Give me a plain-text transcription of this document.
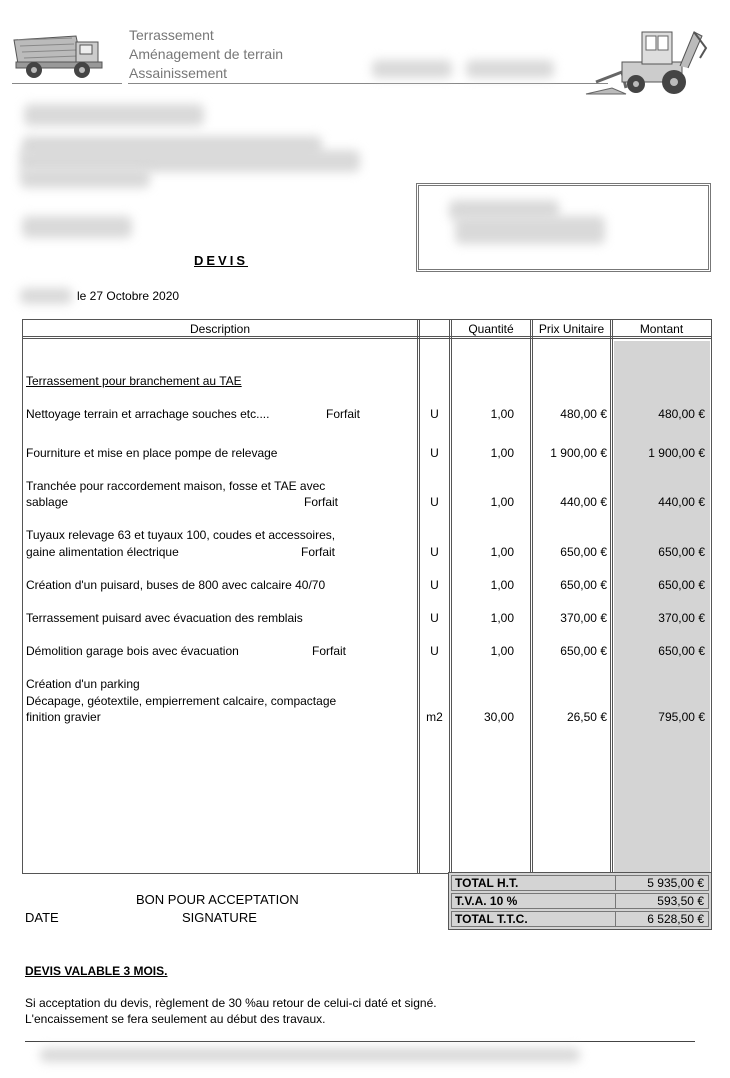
Terrassement
Aménagement de terrain
Assainissement
DEVIS
le 27 Octobre 2020
Description	Quantité	Prix Unitaire	Montant
Terrassement pour branchement au TAE
Nettoyage terrain et arrachage souches etc....	Forfait	U	1,00	480,00 €	480,00 €
Fourniture et mise en place pompe de relevage	U	1,00	1 900,00 €	1 900,00 €
Tranchée pour raccordement maison, fosse et TAE avec
sablage	Forfait	U	1,00	440,00 €	440,00 €
Tuyaux relevage 63 et tuyaux 100, coudes et accessoires,
gaine alimentation électrique	Forfait	U	1,00	650,00 €	650,00 €
Création d'un puisard, buses de 800 avec calcaire 40/70	U	1,00	650,00 €	650,00 €
Terrassement puisard avec évacuation des remblais	U	1,00	370,00 €	370,00 €
Démolition garage bois avec évacuation	Forfait	U	1,00	650,00 €	650,00 €
Création d'un parking
Décapage, géotextile, empierrement calcaire, compactage
finition gravier	m2	30,00	26,50 €	795,00 €
TOTAL H.T.	5 935,00 €
T.V.A. 10 %	593,50 €
TOTAL T.T.C.	6 528,50 €
BON POUR ACCEPTATION
DATE	SIGNATURE
DEVIS VALABLE 3 MOIS.
Si acceptation du devis, règlement de 30 %au retour de celui-ci daté et signé.
L'encaissement se fera seulement au début des travaux.
